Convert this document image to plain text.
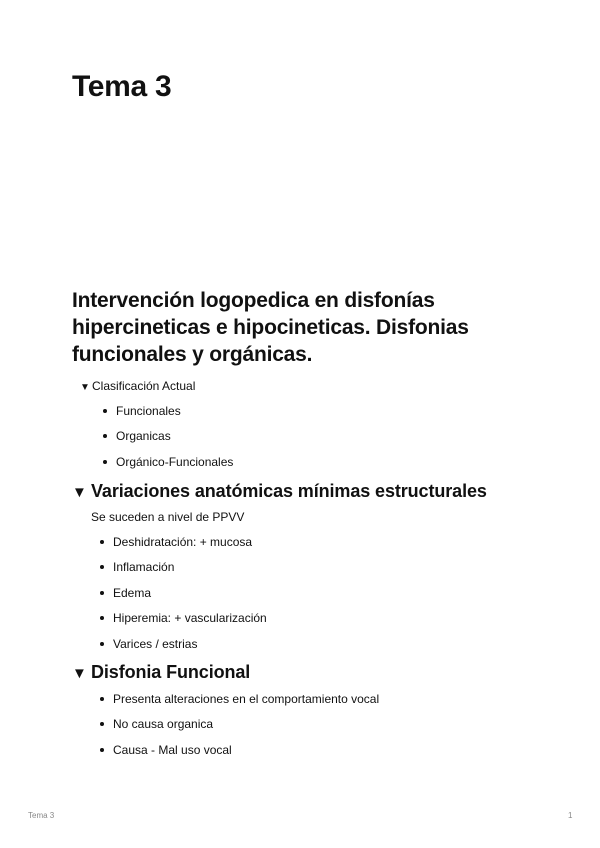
Tema 3
Intervención logopedica en disfonías hipercineticas e hipocineticas. Disfonias funcionales y orgánicas.
▼ Clasificación Actual
Funcionales
Organicas
Orgánico-Funcionales
▼ Variaciones anatómicas mínimas estructurales

Se suceden a nivel de PPVV

Deshidratación: + mucosa
Inflamación
Edema
Hiperemia: + vascularización
Varices / estrias
▼ Disfonia Funcional
Presenta alteraciones en el comportamiento vocal
No causa organica
Causa - Mal uso vocal
Tema 3	1
